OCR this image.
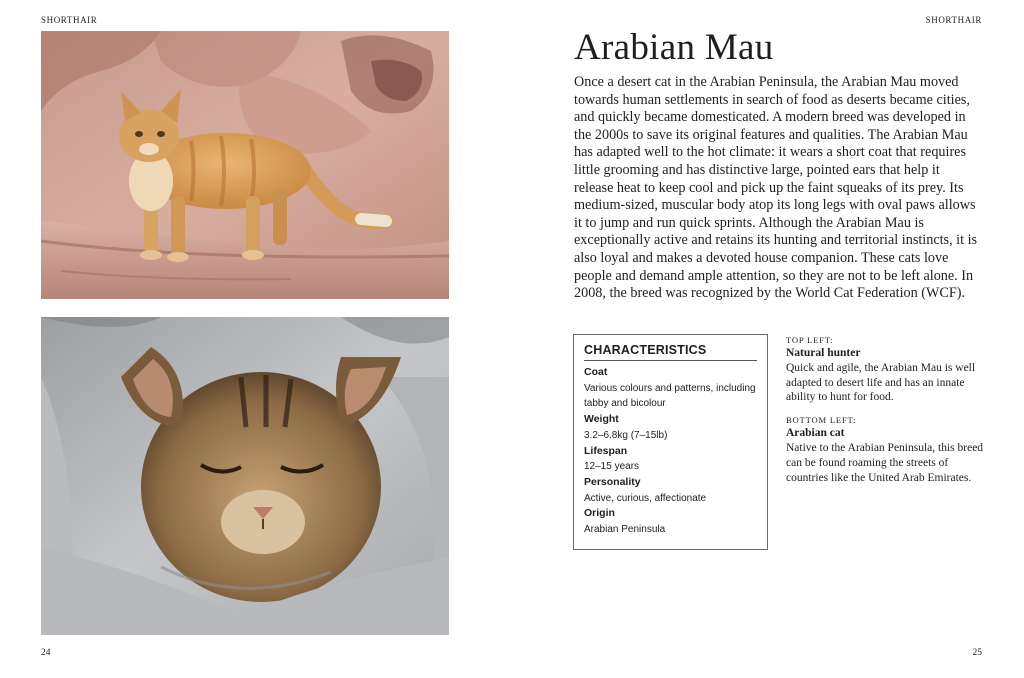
SHORTHAIR	SHORTHAIR
Arabian Mau

Once a desert cat in the Arabian Peninsula, the Arabian Mau moved towards human settlements in search of food as deserts became cities, and quickly became domesticated. A modern breed was developed in the 2000s to save its original features and qualities. The Arabian Mau has adapted well to the hot climate: it wears a short coat that requires little grooming and has distinctive large, pointed ears that help it release heat to keep cool and pick up the faint squeaks of its prey. Its medium-sized, muscular body atop its long legs with oval paws allows it to jump and run quick sprints. Although the Arabian Mau is exceptionally active and retains its hunting and territorial instincts, it is also loyal and makes a devoted house companion. These cats love people and demand ample attention, so they are not to be left alone. In 2008, the breed was recognized by the World Cat Federation (WCF).

CHARACTERISTICS
Coat
Various colours and patterns, including tabby and bicolour
Weight
3.2–6.8kg (7–15lb)
Lifespan
12–15 years
Personality
Active, curious, affectionate
Origin
Arabian Peninsula
TOP LEFT:
Natural hunter
Quick and agile, the Arabian Mau is well adapted to desert life and has an innate ability to hunt for food.
BOTTOM LEFT:
Arabian cat
Native to the Arabian Peninsula, this breed can be found roaming the streets of countries like the United Arab Emirates.
24	25
